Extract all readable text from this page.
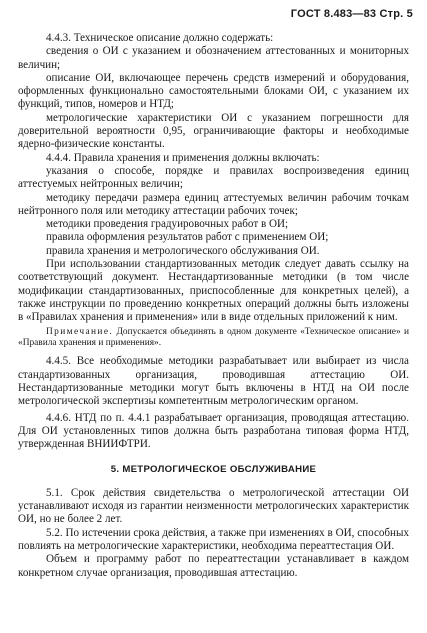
ГОСТ 8.483—83 Стр. 5

4.4.3. Техническое описание должно содержать:

сведения о ОИ с указанием и обозначением аттестованных и мониторных величин;

описание ОИ, включающее перечень средств измерений и оборудования, оформленных функционально самостоятельными блоками ОИ, с указанием их функций, типов, номеров и НТД;

метрологические характеристики ОИ с указанием погрешности для доверительной вероятности 0,95, ограничивающие факторы и необходимые ядерно-физические константы.

4.4.4. Правила хранения и применения должны включать:

указания о способе, порядке и правилах воспроизведения единиц аттестуемых нейтронных величин;

методику передачи размера единиц аттестуемых величин рабочим точкам нейтронного поля или методику аттестации рабочих точек;

методики проведения градуировочных работ в ОИ;

правила оформления результатов работ с применением ОИ;

правила хранения и метрологического обслуживания ОИ.

При использовании стандартизованных методик следует давать ссылку на соответствующий документ. Нестандартизованные методики (в том числе модификации стандартизованных, приспособленные для конкретных целей), а также инструкции по проведению конкретных операций должны быть изложены в «Правилах хранения и применения» или в виде отдельных приложений к ним.

Примечание. Допускается объединять в одном документе «Техническое описание» и «Правила хранения и применения».

4.4.5. Все необходимые методики разрабатывает или выбирает из числа стандартизованных организация, проводившая аттестацию ОИ. Нестандартизованные методики могут быть включены в НТД на ОИ после метрологической экспертизы компетентным метрологическим органом.

4.4.6. НТД по п. 4.4.1 разрабатывает организация, проводящая аттестацию. Для ОИ установленных типов должна быть разработана типовая форма НТД, утвержденная ВНИИФТРИ.

5. МЕТРОЛОГИЧЕСКОЕ ОБСЛУЖИВАНИЕ

5.1. Срок действия свидетельства о метрологической аттестации ОИ устанавливают исходя из гарантии неизменности метрологических характеристик ОИ, но не более 2 лет.

5.2. По истечении срока действия, а также при изменениях в ОИ, способных повлиять на метрологические характеристики, необходима переаттестация ОИ.

Объем и программу работ по переаттестации устанавливает в каждом конкретном случае организация, проводившая аттестацию.
